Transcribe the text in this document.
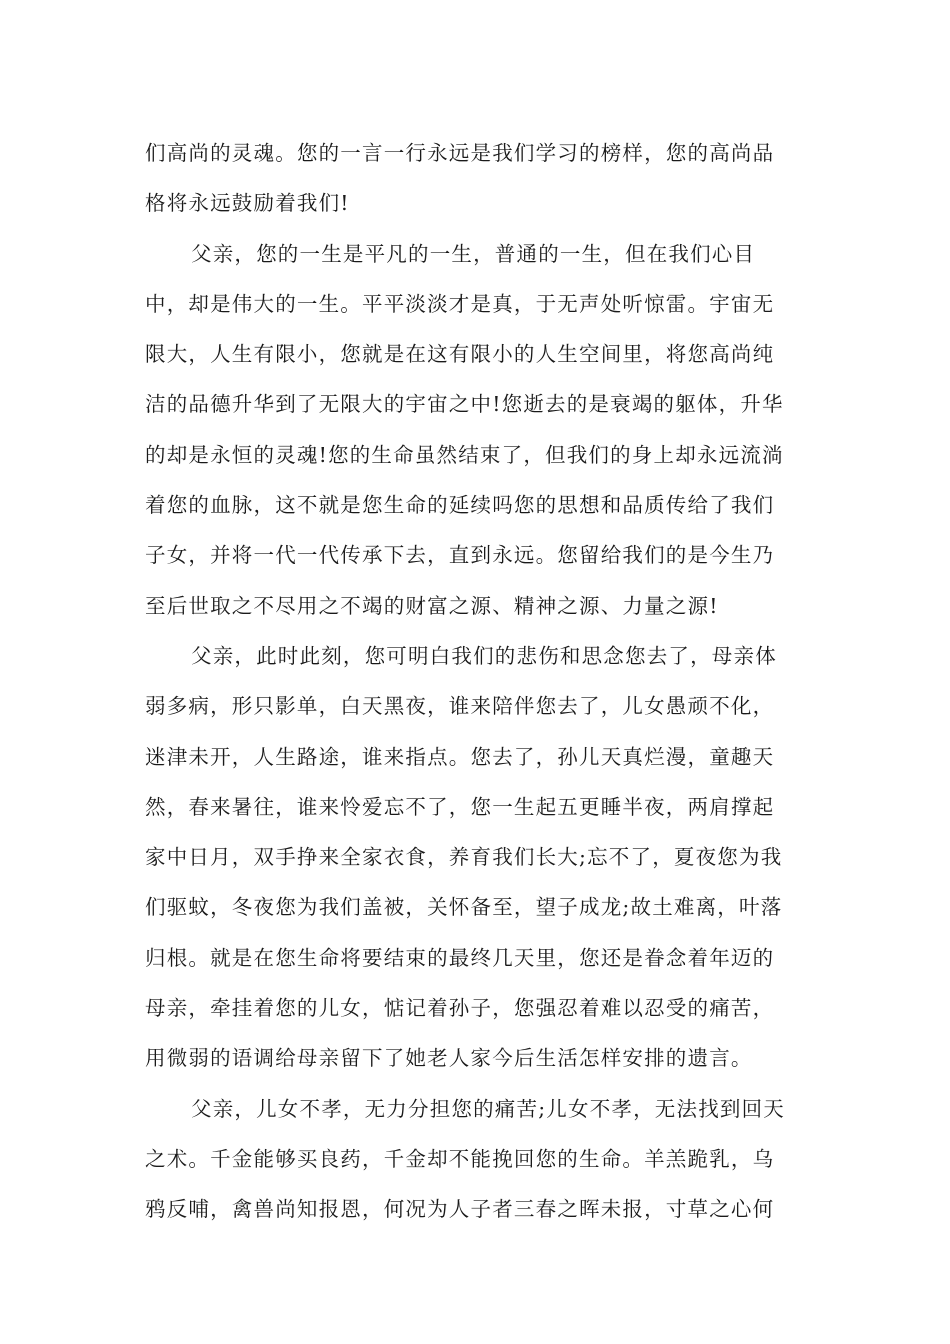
们高尚的灵魂。您的一言一行永远是我们学习的榜样，您的高尚品
格将永远鼓励着我们!
父亲，您的一生是平凡的一生，普通的一生，但在我们心目
中，却是伟大的一生。平平淡淡才是真，于无声处听惊雷。宇宙无
限大，人生有限小，您就是在这有限小的人生空间里，将您高尚纯
洁的品德升华到了无限大的宇宙之中!您逝去的是衰竭的躯体，升华
的却是永恒的灵魂!您的生命虽然结束了，但我们的身上却永远流淌
着您的血脉，这不就是您生命的延续吗您的思想和品质传给了我们
子女，并将一代一代传承下去，直到永远。您留给我们的是今生乃
至后世取之不尽用之不竭的财富之源、精神之源、力量之源!
父亲，此时此刻，您可明白我们的悲伤和思念您去了，母亲体
弱多病，形只影单，白天黑夜，谁来陪伴您去了，儿女愚顽不化，
迷津未开，人生路途，谁来指点。您去了，孙儿天真烂漫，童趣天
然，春来暑往，谁来怜爱忘不了，您一生起五更睡半夜，两肩撑起
家中日月，双手挣来全家衣食，养育我们长大;忘不了，夏夜您为我
们驱蚊，冬夜您为我们盖被，关怀备至，望子成龙;故土难离，叶落
归根。就是在您生命将要结束的最终几天里，您还是眷念着年迈的
母亲，牵挂着您的儿女，惦记着孙子，您强忍着难以忍受的痛苦，
用微弱的语调给母亲留下了她老人家今后生活怎样安排的遗言。
父亲，儿女不孝，无力分担您的痛苦;儿女不孝，无法找到回天
之术。千金能够买良药，千金却不能挽回您的生命。羊羔跪乳，乌
鸦反哺，禽兽尚知报恩，何况为人子者三春之晖未报，寸草之心何
